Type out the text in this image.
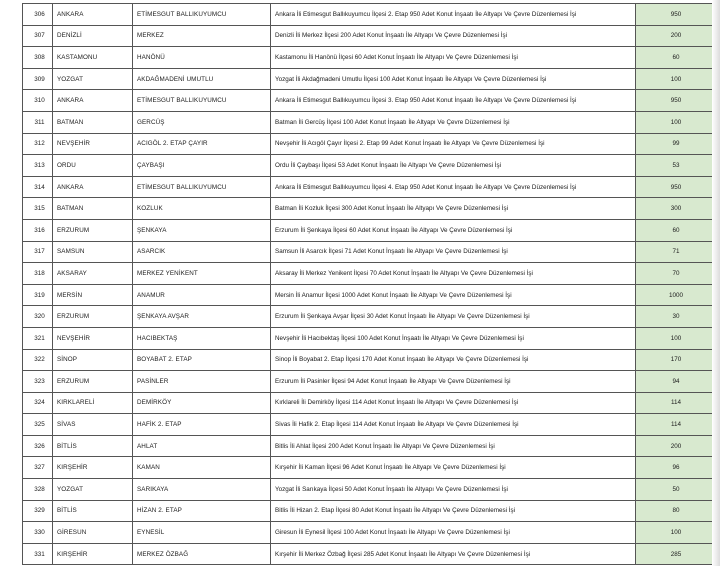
306	ANKARA	ETİMESGUT BALLIKUYUMCU	Ankara İli Etimesgut Ballıkuyumcu İlçesi 2. Etap 950 Adet Konut İnşaatı İle Altyapı Ve Çevre Düzenlemesi İşi	950
307	DENİZLİ	MERKEZ	Denizli İli Merkez İlçesi 200 Adet Konut İnşaatı İle Altyapı Ve Çevre Düzenlemesi İşi	200
308	KASTAMONU	HANÖNÜ	Kastamonu İli Hanönü İlçesi 60 Adet Konut İnşaatı İle Altyapı Ve Çevre Düzenlemesi İşi	60
309	YOZGAT	AKDAĞMADENİ UMUTLU	Yozgat İli Akdağmadeni Umutlu İlçesi 100 Adet Konut İnşaatı İle Altyapı Ve Çevre Düzenlemesi İşi	100
310	ANKARA	ETİMESGUT BALLIKUYUMCU	Ankara İli Etimesgut Ballıkuyumcu İlçesi 3. Etap 950 Adet Konut İnşaatı İle Altyapı Ve Çevre Düzenlemesi İşi	950
311	BATMAN	GERCÜŞ	Batman İli Gercüş İlçesi 100 Adet Konut İnşaatı İle Altyapı Ve Çevre Düzenlemesi İşi	100
312	NEVŞEHİR	ACIGÖL 2. ETAP ÇAYIR	Nevşehir İli Acıgöl Çayır İlçesi 2. Etap 99 Adet Konut İnşaatı İle Altyapı Ve Çevre Düzenlemesi İşi	99
313	ORDU	ÇAYBAŞI	Ordu İli Çaybaşı İlçesi 53 Adet Konut İnşaatı İle Altyapı Ve Çevre Düzenlemesi İşi	53
314	ANKARA	ETİMESGUT BALLIKUYUMCU	Ankara İli Etimesgut Ballıkuyumcu İlçesi 4. Etap 950 Adet Konut İnşaatı İle Altyapı Ve Çevre Düzenlemesi İşi	950
315	BATMAN	KOZLUK	Batman İli Kozluk İlçesi 300 Adet Konut İnşaatı İle Altyapı Ve Çevre Düzenlemesi İşi	300
316	ERZURUM	ŞENKAYA	Erzurum İli Şenkaya İlçesi 60 Adet Konut İnşaatı İle Altyapı Ve Çevre Düzenlemesi İşi	60
317	SAMSUN	ASARCIK	Samsun İli Asarcık İlçesi 71 Adet Konut İnşaatı İle Altyapı Ve Çevre Düzenlemesi İşi	71
318	AKSARAY	MERKEZ YENİKENT	Aksaray İli Merkez Yenikent İlçesi 70 Adet Konut İnşaatı İle Altyapı Ve Çevre Düzenlemesi İşi	70
319	MERSİN	ANAMUR	Mersin İli Anamur İlçesi 1000 Adet Konut İnşaatı İle Altyapı Ve Çevre Düzenlemesi İşi	1000
320	ERZURUM	ŞENKAYA AVŞAR	Erzurum İli Şenkaya Avşar İlçesi 30 Adet Konut İnşaatı İle Altyapı Ve Çevre Düzenlemesi İşi	30
321	NEVŞEHİR	HACIBEKTAŞ	Nevşehir İli Hacıbektaş İlçesi 100 Adet Konut İnşaatı İle Altyapı Ve Çevre Düzenlemesi İşi	100
322	SİNOP	BOYABAT 2. ETAP	Sinop İli Boyabat 2. Etap İlçesi 170 Adet Konut İnşaatı İle Altyapı Ve Çevre Düzenlemesi İşi	170
323	ERZURUM	PASİNLER	Erzurum İli Pasinler İlçesi 94 Adet Konut İnşaatı İle Altyapı Ve Çevre Düzenlemesi İşi	94
324	KIRKLARELİ	DEMİRKÖY	Kırklareli İli Demirköy İlçesi 114 Adet Konut İnşaatı İle Altyapı Ve Çevre Düzenlemesi İşi	114
325	SİVAS	HAFİK 2. ETAP	Sivas İli Hafik 2. Etap İlçesi 114 Adet Konut İnşaatı İle Altyapı Ve Çevre Düzenlemesi İşi	114
326	BİTLİS	AHLAT	Bitlis İli Ahlat İlçesi 200 Adet Konut İnşaatı İle Altyapı Ve Çevre Düzenlemesi İşi	200
327	KIRŞEHİR	KAMAN	Kırşehir İli Kaman İlçesi 96 Adet Konut İnşaatı İle Altyapı Ve Çevre Düzenlemesi İşi	96
328	YOZGAT	SARIKAYA	Yozgat İli Sarıkaya İlçesi 50 Adet Konut İnşaatı İle Altyapı Ve Çevre Düzenlemesi İşi	50
329	BİTLİS	HİZAN 2. ETAP	Bitlis İli Hizan 2. Etap İlçesi 80 Adet Konut İnşaatı İle Altyapı Ve Çevre Düzenlemesi İşi	80
330	GİRESUN	EYNESİL	Giresun İli Eynesil İlçesi 100 Adet Konut İnşaatı İle Altyapı Ve Çevre Düzenlemesi İşi	100
331	KIRŞEHİR	MERKEZ ÖZBAĞ	Kırşehir İli Merkez Özbağ İlçesi 285 Adet Konut İnşaatı İle Altyapı Ve Çevre Düzenlemesi İşi	285
